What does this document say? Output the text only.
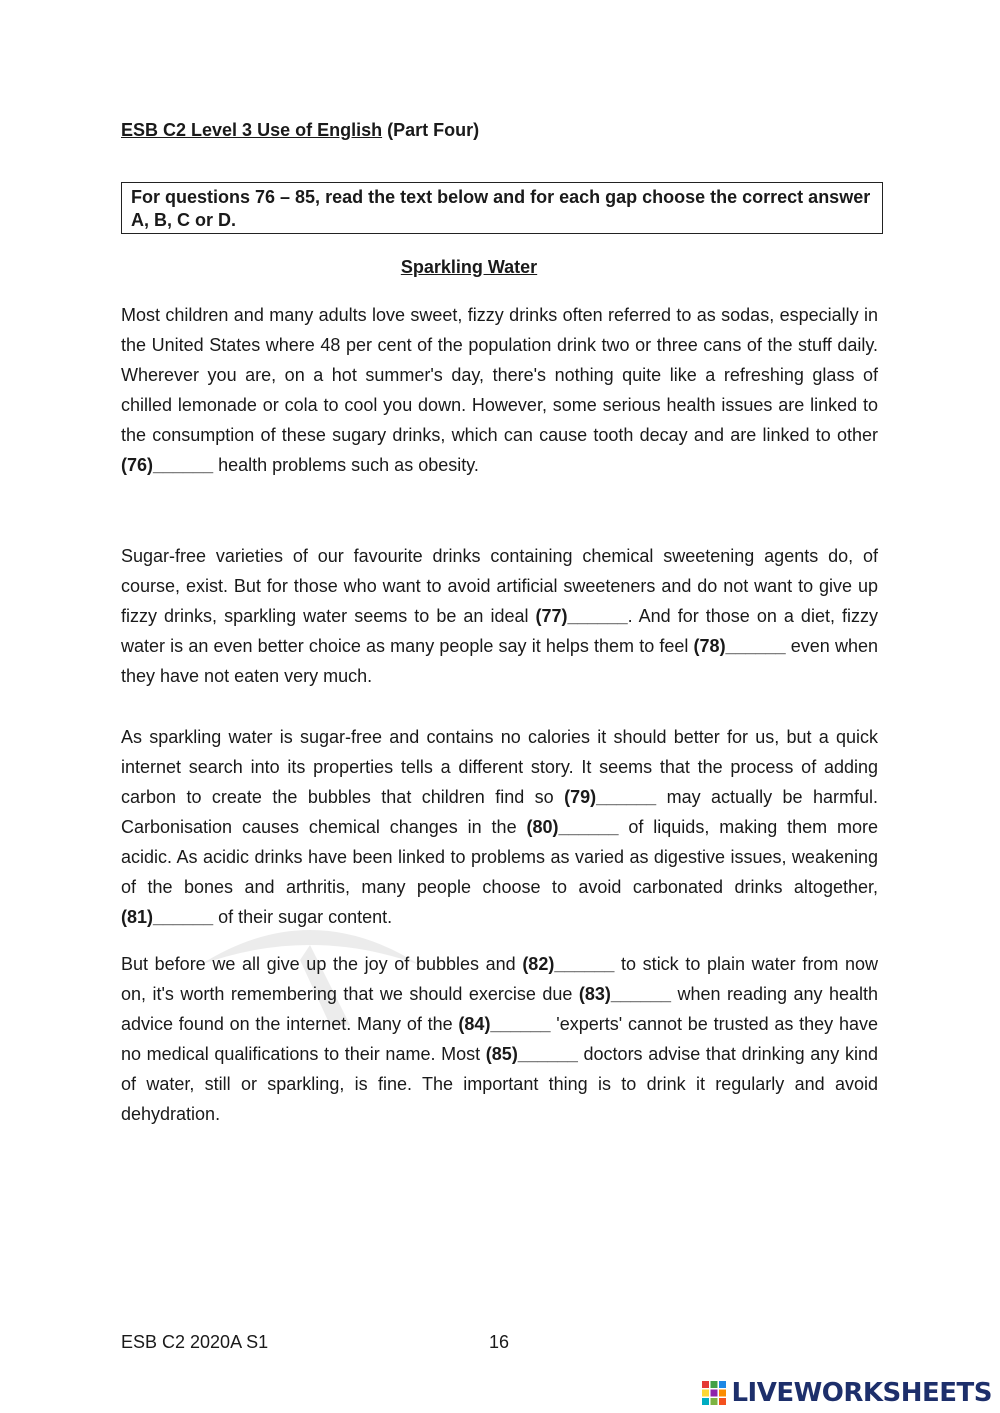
ESB C2 Level 3 Use of English (Part Four)
For questions 76 – 85, read the text below and for each gap choose the correct answer A, B, C or D.
Sparkling Water

Most children and many adults love sweet, fizzy drinks often referred to as sodas, especially in the United States where 48 per cent of the population drink two or three cans of the stuff daily. Wherever you are, on a hot summer's day, there's nothing quite like a refreshing glass of chilled lemonade or cola to cool you down. However, some serious health issues are linked to the consumption of these sugary drinks, which can cause tooth decay and are linked to other (76)______ health problems such as obesity.

Sugar-free varieties of our favourite drinks containing chemical sweetening agents do, of course, exist. But for those who want to avoid artificial sweeteners and do not want to give up fizzy drinks, sparkling water seems to be an ideal (77)______. And for those on a diet, fizzy water is an even better choice as many people say it helps them to feel (78)______ even when they have not eaten very much.

As sparkling water is sugar-free and contains no calories it should better for us, but a quick internet search into its properties tells a different story. It seems that the process of adding carbon to create the bubbles that children find so (79)______ may actually be harmful. Carbonisation causes chemical changes in the (80)______ of liquids, making them more acidic. As acidic drinks have been linked to problems as varied as digestive issues, weakening of the bones and arthritis, many people choose to avoid carbonated drinks altogether, (81)______ of their sugar content.

But before we all give up the joy of bubbles and (82)______ to stick to plain water from now on, it's worth remembering that we should exercise due (83)______ when reading any health advice found on the internet. Many of the (84)______ 'experts' cannot be trusted as they have no medical qualifications to their name. Most (85)______ doctors advise that drinking any kind of water, still or sparkling, is fine. The important thing is to drink it regularly and avoid dehydration.

ESB C2 2020A S1	16
LIVEWORKSHEETS
